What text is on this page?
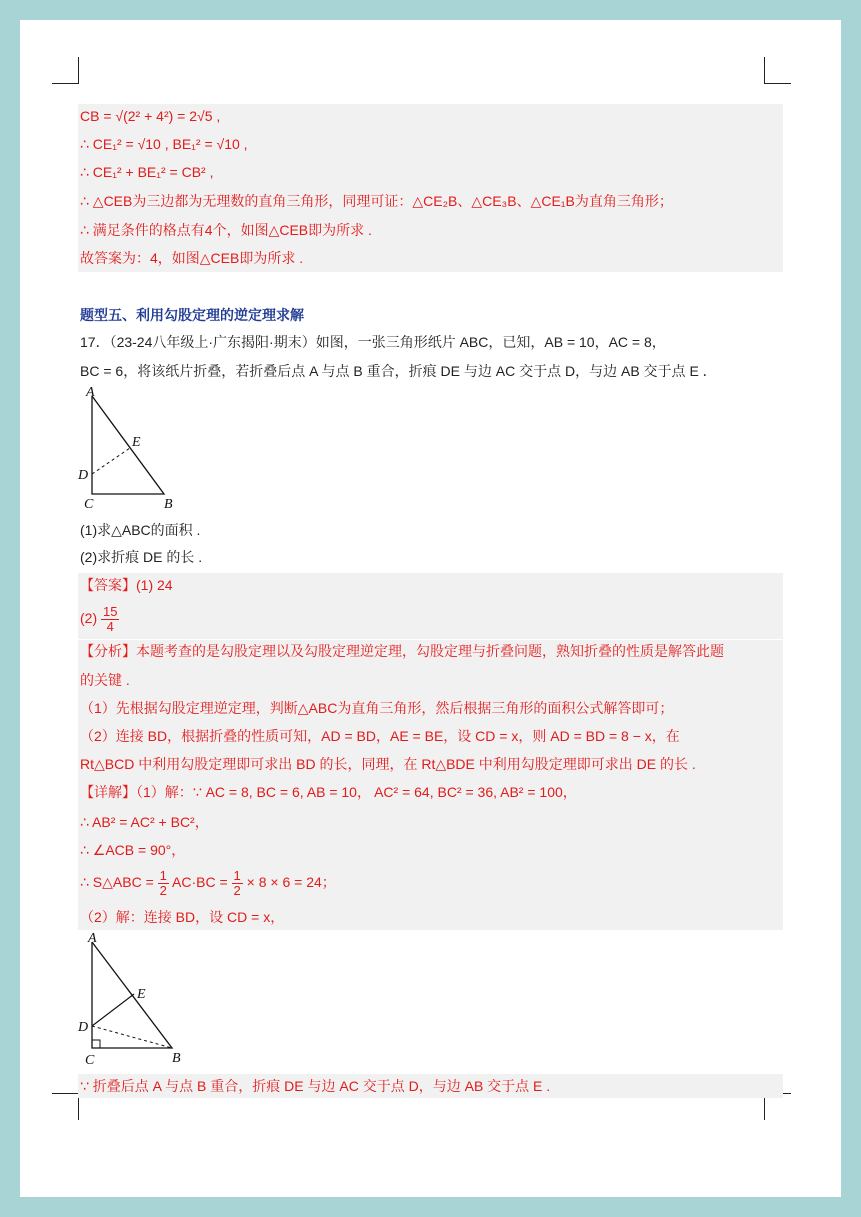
CB = √(2² + 4²) = 2√5 ,
∴ CE₁² = √10 , BE₁² = √10 ,
∴ CE₁² + BE₁² = CB² ,
∴ △CEB为三边都为无理数的直角三角形，同理可证：△CE₂B、△CE₃B、△CE₁B为直角三角形；
∴ 满足条件的格点有4个，如图△CEB即为所求 .
故答案为：4，如图△CEB即为所求 .
题型五、利用勾股定理的逆定理求解
17．（23-24八年级上·广东揭阳·期末）如图，一张三角形纸片 ABC，已知，AB = 10，AC = 8，
BC = 6，将该纸片折叠，若折叠后点 A 与点 B 重合，折痕 DE 与边 AC 交于点 D，与边 AB 交于点 E ．
A
E
D
C	B
(1)求△ABC的面积 .
(2)求折痕 DE 的长 .
【答案】(1) 24
$(2) \frac{15}{4}$
【分析】本题考查的是勾股定理以及勾股定理逆定理，勾股定理与折叠问题，熟知折叠的性质是解答此题
的关键 .
（1）先根据勾股定理逆定理，判断△ABC为直角三角形，然后根据三角形的面积公式解答即可；
（2）连接 BD，根据折叠的性质可知，AD = BD，AE = BE，设 CD = x，则 AD = BD = 8 − x，在
Rt△BCD 中利用勾股定理即可求出 BD 的长，同理，在 Rt△BDE 中利用勾股定理即可求出 DE 的长 .
【详解】（1）解：∵ AC = 8, BC = 6, AB = 10， AC² = 64, BC² = 36, AB² = 100，
∴ AB² = AC² + BC²，
∴ ∠ACB = 90°，
∴ S△ABC = $\frac{1}{2} AC\cdot BC = \frac{1}{2} \times 8 \times 6 = 24$；
（2）解：连接 BD，设 CD = x，
A
E
D
C	B
∵ 折叠后点 A 与点 B 重合，折痕 DE 与边 AC 交于点 D，与边 AB 交于点 E .
